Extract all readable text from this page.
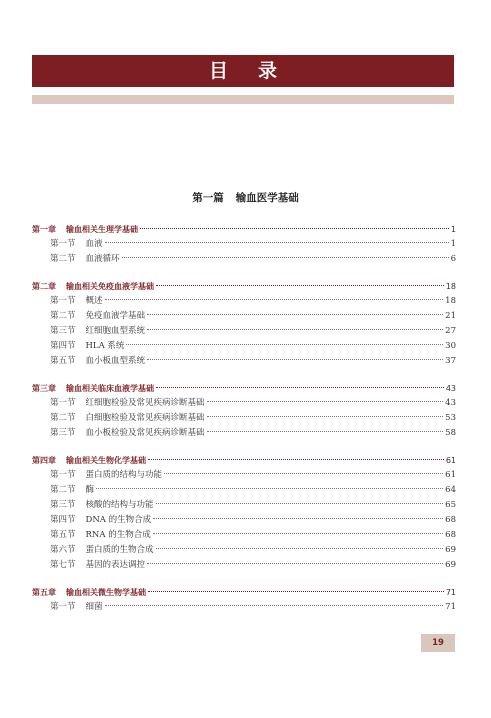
目 录
第一篇 输血医学基础
第一章 输血相关生理学基础	1
第一节 血液	1
第二节 血液循环	6
第二章 输血相关免疫血液学基础	18
第一节 概述	18
第二节 免疫血液学基础	21
第三节 红细胞血型系统	27
第四节 HLA 系统	30
第五节 血小板血型系统	37
第三章 输血相关临床血液学基础	43
第一节 红细胞检验及常见疾病诊断基础	43
第二节 白细胞检验及常见疾病诊断基础	53
第三节 血小板检验及常见疾病诊断基础	58
第四章 输血相关生物化学基础	61
第一节 蛋白质的结构与功能	61
第二节 酶	64
第三节 核酸的结构与功能	65
第四节 DNA 的生物合成	68
第五节 RNA 的生物合成	68
第六节 蛋白质的生物合成	69
第七节 基因的表达调控	69
第五章 输血相关微生物学基础	71
第一节 细菌	71
19
